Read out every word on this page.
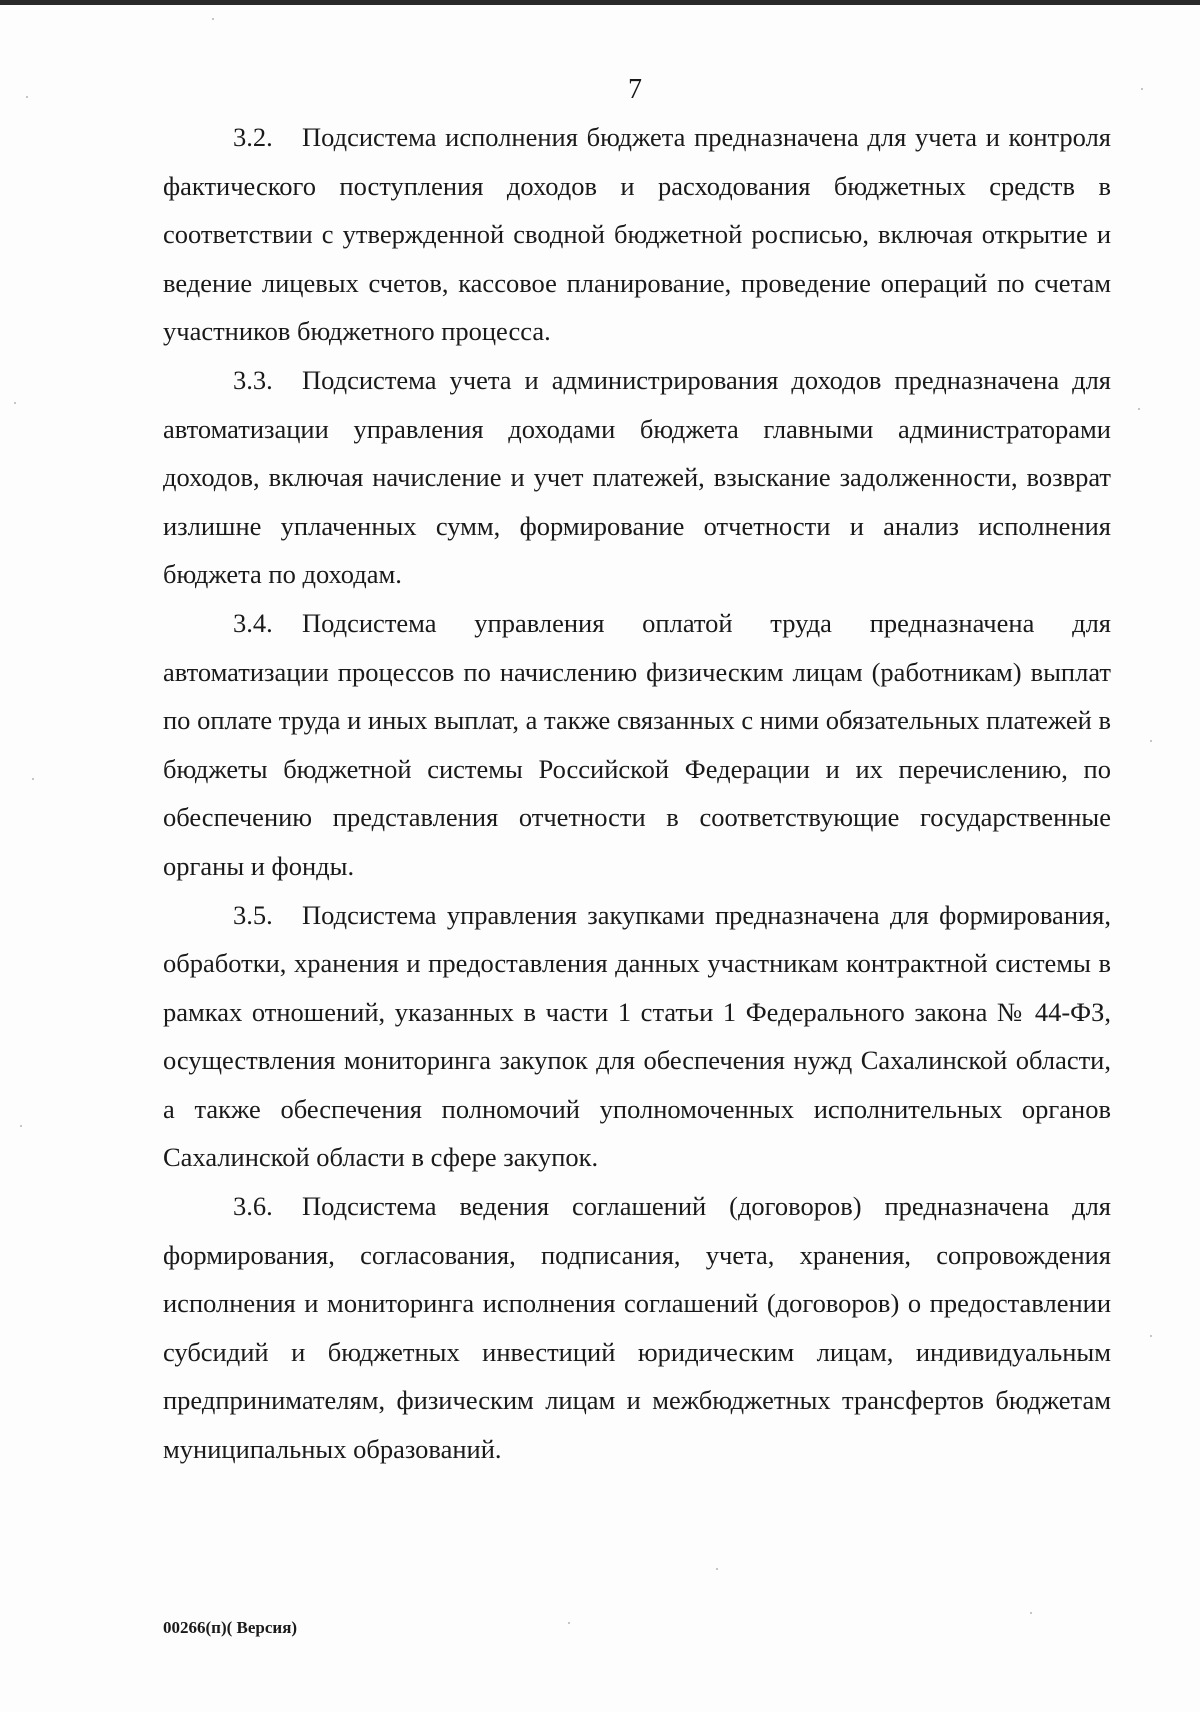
7

3.2. Подсистема исполнения бюджета предназначена для учета и контроля фактического поступления доходов и расходования бюджетных средств в соответствии с утвержденной сводной бюджетной росписью, включая открытие и ведение лицевых счетов, кассовое планирование, проведение операций по счетам участников бюджетного процесса.

3.3. Подсистема учета и администрирования доходов предназначена для автоматизации управления доходами бюджета главными администраторами доходов, включая начисление и учет платежей, взыскание задолженности, возврат излишне уплаченных сумм, формирование отчетности и анализ исполнения бюджета по доходам.

3.4. Подсистема управления оплатой труда предназначена для автоматизации процессов по начислению физическим лицам (работникам) выплат по оплате труда и иных выплат, а также связанных с ними обязательных платежей в бюджеты бюджетной системы Российской Федерации и их перечислению, по обеспечению представления отчетности в соответствующие государственные органы и фонды.

3.5. Подсистема управления закупками предназначена для формирования, обработки, хранения и предоставления данных участникам контрактной системы в рамках отношений, указанных в части 1 статьи 1 Федерального закона № 44-ФЗ, осуществления мониторинга закупок для обеспечения нужд Сахалинской области, а также обеспечения полномочий уполномоченных исполнительных органов Сахалинской области в сфере закупок.

3.6. Подсистема ведения соглашений (договоров) предназначена для формирования, согласования, подписания, учета, хранения, сопровождения исполнения и мониторинга исполнения соглашений (договоров) о предоставлении субсидий и бюджетных инвестиций юридическим лицам, индивидуальным предпринимателям, физическим лицам и межбюджетных трансфертов бюджетам муниципальных образований.

00266(п)( Версия)
